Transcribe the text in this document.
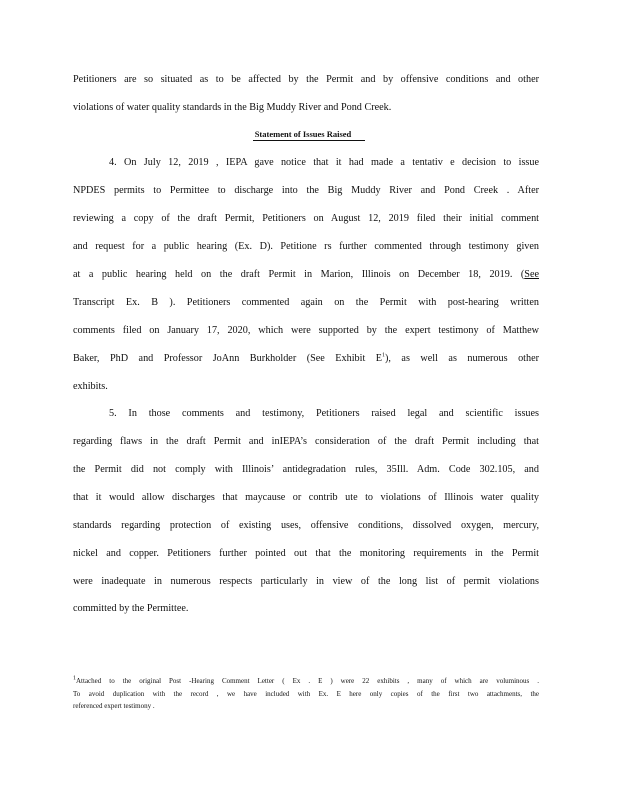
Petitioners are so situated as to be affected by the Permit and by offensive conditions and other
violations of water quality standards in the Big Muddy River and Pond Creek.
Statement of Issues Raised
4. On July 12, 2019 , IEPA gave notice that it had made a tentativ e decision to issue
NPDES permits to Permittee to discharge into the Big Muddy River and Pond Creek . After
reviewing a copy of the draft Permit, Petitioners on August 12, 2019 filed their initial comment
and request for a public hearing (Ex. D). Petitione rs further commented through testimony given
at a public hearing held on the draft Permit in Marion, Illinois on December 18, 2019. (See
Transcript Ex. B ). Petitioners commented again on the Permit with post-hearing written
comments filed on January 17, 2020, which were supported by the expert testimony of Matthew
Baker, PhD and Professor JoAnn Burkholder (See Exhibit $E^1$), as well as numerous other
exhibits.
5. In those comments and testimony, Petitioners raised legal and scientific issues
regarding flaws in the draft Permit and inIEPA’s consideration of the draft Permit including that
the Permit did not comply with Illinois’ antidegradation rules, 35Ill. Adm. Code 302.105, and
that it would allow discharges that maycause or contrib ute to violations of Illinois water quality
standards regarding protection of existing uses, offensive conditions, dissolved oxygen, mercury,
nickel and copper. Petitioners further pointed out that the monitoring requirements in the Permit
were inadequate in numerous respects particularly in view of the long list of permit violations
committed by the Permittee.
$^1$Attached to the original Post -Hearing Comment Letter ( Ex . E ) were 22 exhibits , many of which are voluminous .
To avoid duplication with the record , we have included with Ex. E here only copies of the first two attachments, the
referenced expert testimony .
